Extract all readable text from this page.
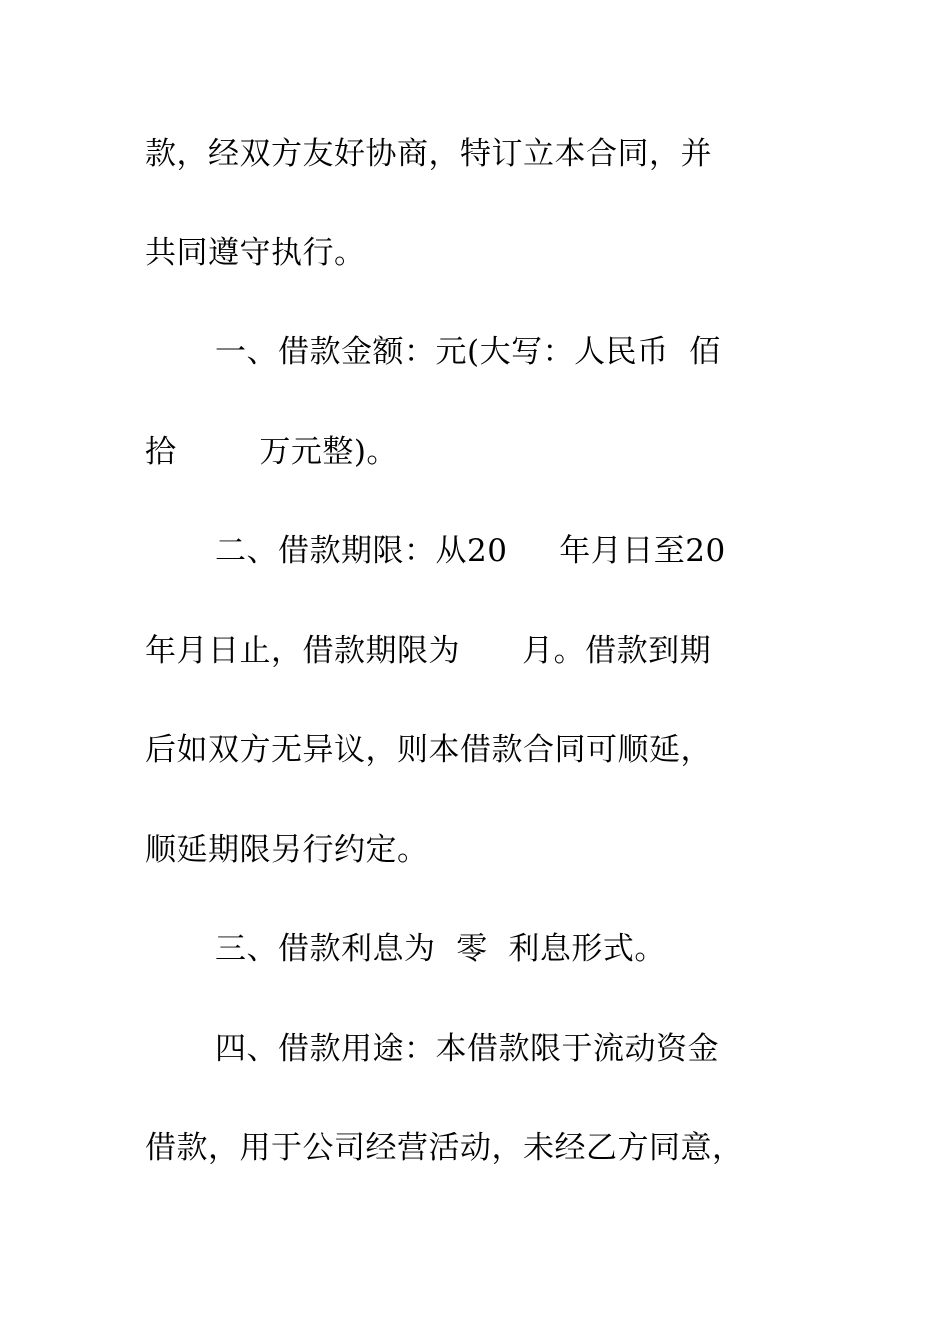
款，经双方友好协商，特订立本合同，并
共同遵守执行。
一、借款金额：元(大写：人民币  佰
拾        万元整)。
二、借款期限：从20     年月日至20
年月日止，借款期限为      月。借款到期
后如双方无异议，则本借款合同可顺延，
顺延期限另行约定。
三、借款利息为  零  利息形式。
四、借款用途：本借款限于流动资金
借款，用于公司经营活动，未经乙方同意，
